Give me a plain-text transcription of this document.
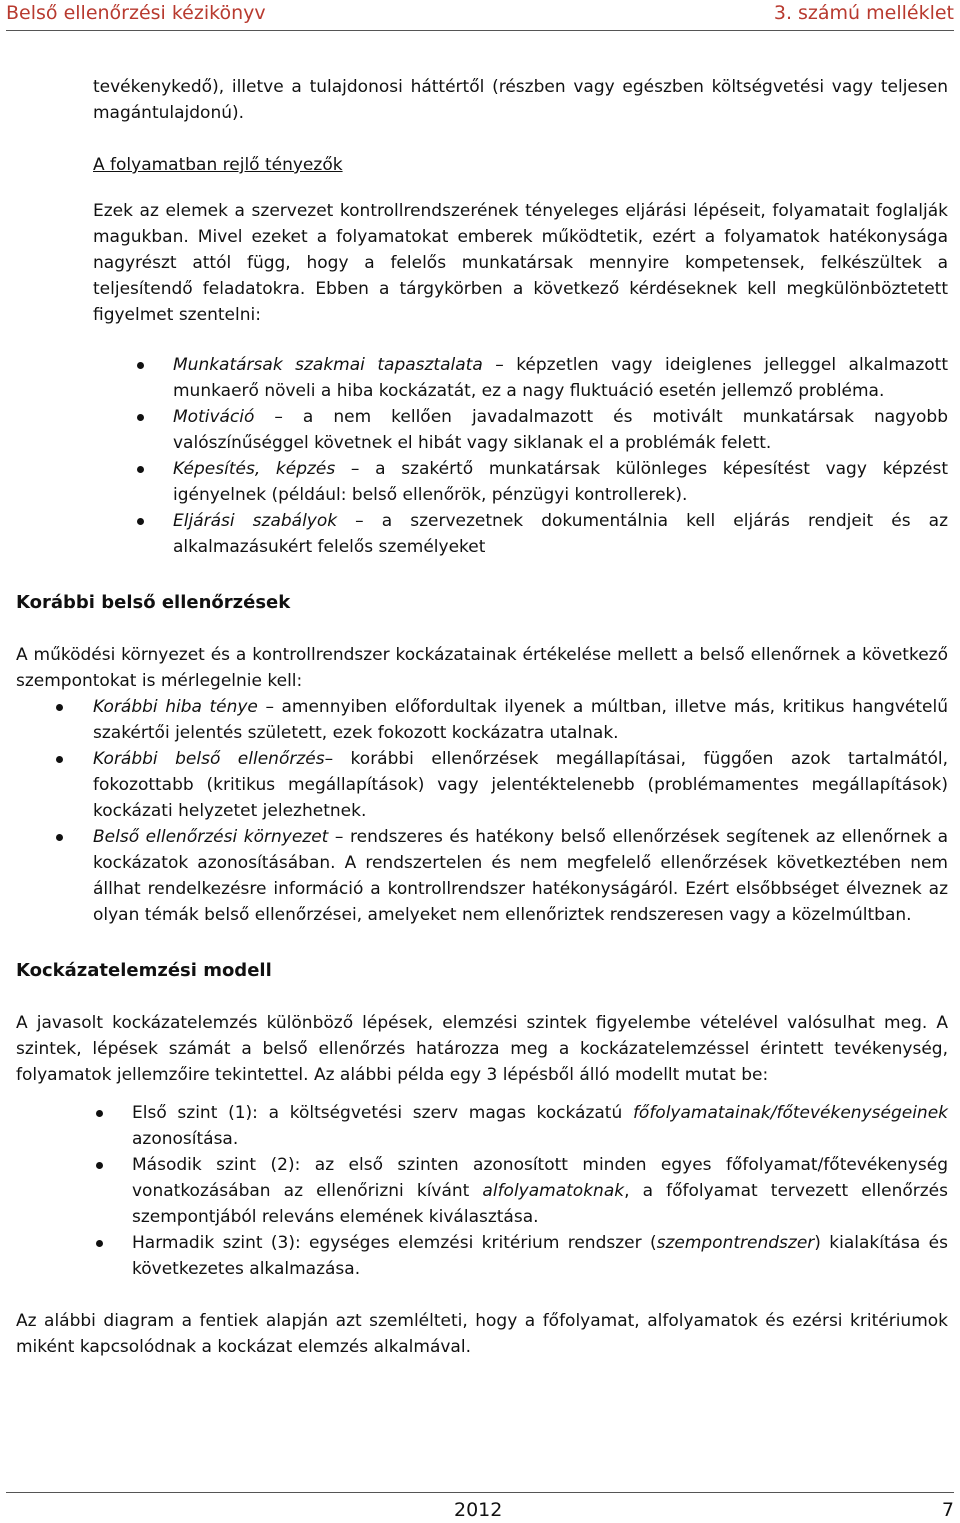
Belső ellenőrzési kézikönyv	3. számú melléklet

tevékenykedő), illetve a tulajdonosi háttértől (részben vagy egészben költségvetési vagy teljesen magántulajdonú).

A folyamatban rejlő tényezők

Ezek az elemek a szervezet kontrollrendszerének tényeleges eljárási lépéseit, folyamatait foglalják magukban. Mivel ezeket a folyamatokat emberek működtetik, ezért a folyamatok hatékonysága nagyrészt attól függ, hogy a felelős munkatársak mennyire kompetensek, felkészültek a teljesítendő feladatokra. Ebben a tárgykörben a következő kérdéseknek kell megkülönböztetett figyelmet szentelni:

Munkatársak szakmai tapasztalata – képzetlen vagy ideiglenes jelleggel alkalmazott munkaerő növeli a hiba kockázatát, ez a nagy fluktuáció esetén jellemző probléma.
Motiváció – a nem kellően javadalmazott és motivált munkatársak nagyobb valószínűséggel követnek el hibát vagy siklanak el a problémák felett.
Képesítés, képzés – a szakértő munkatársak különleges képesítést vagy képzést igényelnek (például: belső ellenőrök, pénzügyi kontrollerek).
Eljárási szabályok – a szervezetnek dokumentálnia kell eljárás rendjeit és az alkalmazásukért felelős személyeket

Korábbi belső ellenőrzések

A működési környezet és a kontrollrendszer kockázatainak értékelése mellett a belső ellenőrnek a következő szempontokat is mérlegelnie kell:

Korábbi hiba ténye – amennyiben előfordultak ilyenek a múltban, illetve más, kritikus hangvételű szakértői jelentés született, ezek fokozott kockázatra utalnak.
Korábbi belső ellenőrzés– korábbi ellenőrzések megállapításai, függően azok tartalmától, fokozottabb (kritikus megállapítások) vagy jelentéktelenebb (problémamentes megállapítások) kockázati helyzetet jelezhetnek.
Belső ellenőrzési környezet – rendszeres és hatékony belső ellenőrzések segítenek az ellenőrnek a kockázatok azonosításában. A rendszertelen és nem megfelelő ellenőrzések következtében nem állhat rendelkezésre információ a kontrollrendszer hatékonyságáról. Ezért elsőbbséget élveznek az olyan témák belső ellenőrzései, amelyeket nem ellenőriztek rendszeresen vagy a közelmúltban.

Kockázatelemzési modell

A javasolt kockázatelemzés különböző lépések, elemzési szintek figyelembe vételével valósulhat meg. A szintek, lépések számát a belső ellenőrzés határozza meg a kockázatelemzéssel érintett tevékenység, folyamatok jellemzőire tekintettel. Az alábbi példa egy 3 lépésből álló modellt mutat be:

Első szint (1): a költségvetési szerv magas kockázatú főfolyamatainak/főtevékenységeinek azonosítása.
Második szint (2): az első szinten azonosított minden egyes főfolyamat/főtevékenység vonatkozásában az ellenőrizni kívánt alfolyamatoknak, a főfolyamat tervezett ellenőrzés szempontjából releváns elemének kiválasztása.
Harmadik szint (3): egységes elemzési kritérium rendszer (szempontrendszer) kialakítása és következetes alkalmazása.

Az alábbi diagram a fentiek alapján azt szemlélteti, hogy a főfolyamat, alfolyamatok és ezérsi kritériumok miként kapcsolódnak a kockázat elemzés alkalmával.

2012	7
